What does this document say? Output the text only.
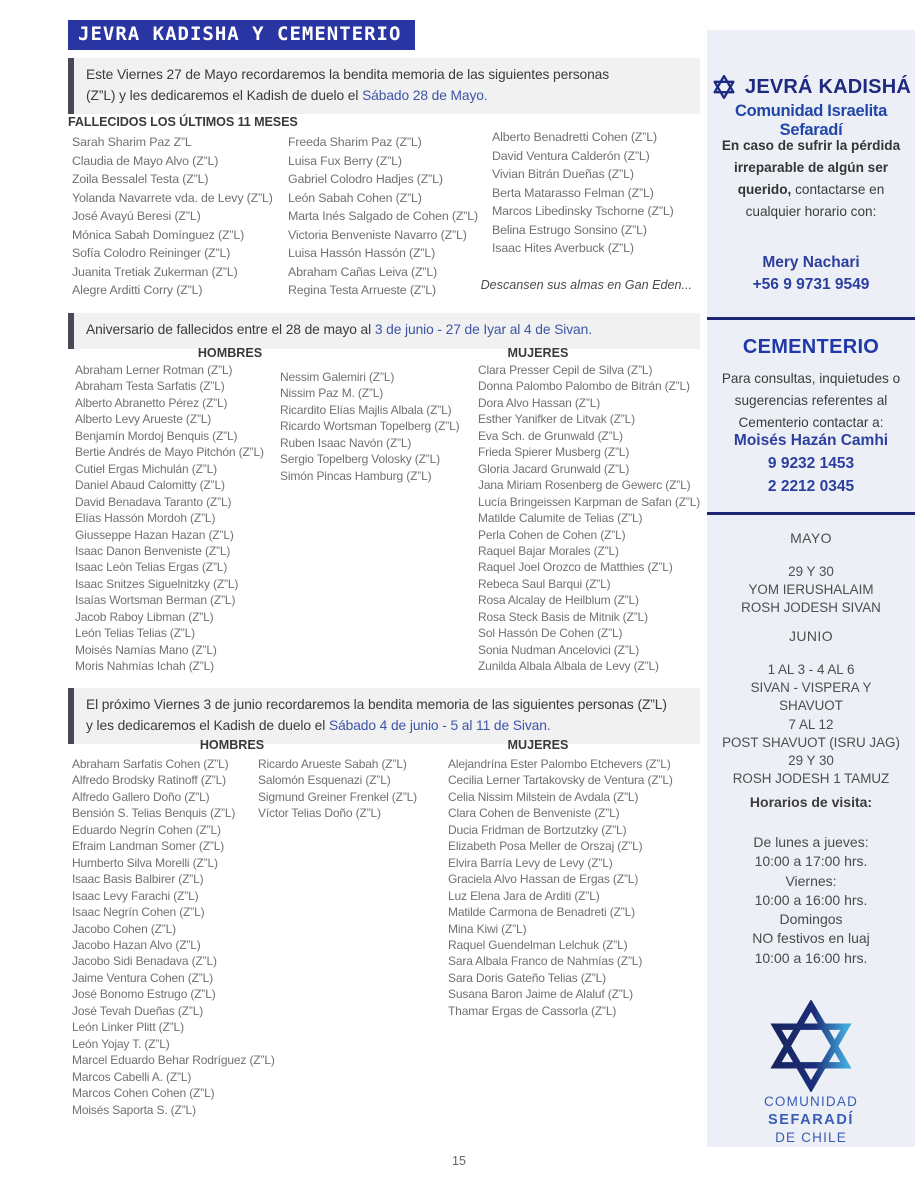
JEVRA KADISHA Y CEMENTERIO
Este Viernes 27 de Mayo recordaremos la bendita memoria de las siguientes personas
(Z”L) y les dedicaremos el Kadish de duelo el Sábado 28 de Mayo.
FALLECIDOS LOS ÚLTIMOS 11 MESES
Sarah Sharim Paz Z”L
Claudia de Mayo Alvo (Z”L)
Zoila Bessalel Testa (Z”L)
Yolanda Navarrete vda. de Levy (Z”L)
José Avayú Beresi (Z”L)
Mónica Sabah Domínguez (Z”L)
Sofía Colodro Reininger (Z”L)
Juanita Tretiak Zukerman (Z”L)
Alegre Arditti Corry (Z”L)
Freeda Sharim Paz (Z”L)
Luisa Fux Berry (Z”L)
Gabriel Colodro Hadjes (Z”L)
León Sabah Cohen (Z”L)
Marta Inés Salgado de Cohen (Z”L)
Victoria Benveniste Navarro (Z”L)
Luisa Hassón Hassón (Z”L)
Abraham Cañas Leiva (Z”L)
Regina Testa Arrueste (Z”L)
Alberto Benadretti Cohen (Z”L)
David Ventura Calderón (Z”L)
Vivian Bitrán Dueñas (Z”L)
Berta Matarasso Felman (Z”L)
Marcos Libedinsky Tschorne (Z”L)
Belina Estrugo Sonsino (Z”L)
Isaac Hites Averbuck (Z”L)
Descansen sus almas en Gan Eden...
Aniversario de fallecidos entre el 28 de mayo al 3 de junio - 27 de Iyar al 4 de Sivan.
HOMBRES	MUJERES
Abraham Lerner Rotman (Z”L)
Abraham Testa Sarfatis (Z”L)
Alberto Abranetto Pérez (Z”L)
Alberto Levy Arueste (Z”L)
Benjamín Mordoj Benquis (Z”L)
Bertie Andrés de Mayo Pitchón (Z”L)
Cutiel Ergas Michulán (Z”L)
Daniel Abaud Calomitty (Z”L)
David Benadava Taranto (Z”L)
Elías Hassón Mordoh (Z”L)
Giusseppe Hazan Hazan (Z”L)
Isaac Danon Benveniste (Z”L)
Isaac Leòn Telias Ergas (Z”L)
Isaac Snitzes Siguelnitzky (Z”L)
Isaías Wortsman Berman (Z”L)
Jacob Raboy Libman (Z”L)
León Telias Telias (Z”L)
Moisés Namías Mano (Z”L)
Moris Nahmías Ichah (Z”L)
Nessim Galemiri (Z”L)
Nissim Paz M. (Z”L)
Ricardito Elías Majlis Albala (Z”L)
Ricardo Wortsman Topelberg (Z”L)
Ruben Isaac Navón (Z”L)
Sergio Topelberg Volosky (Z”L)
Simón Pincas Hamburg (Z”L)
Clara Presser Cepil de Silva (Z”L)
Donna Palombo Palombo de Bitrán (Z”L)
Dora Alvo Hassan (Z”L)
Esther Yanifker de Litvak (Z”L)
Eva Sch. de Grunwald (Z”L)
Frieda Spierer Musberg (Z”L)
Gloria Jacard Grunwald (Z”L)
Jana Miriam Rosenberg de Gewerc (Z”L)
Lucía Bringeissen Karpman de Safan (Z”L)
Matilde Calumite de Telias (Z”L)
Perla Cohen de Cohen (Z”L)
Raquel Bajar Morales (Z”L)
Raquel Joel Orozco de Matthies (Z”L)
Rebeca Saul Barqui (Z”L)
Rosa Alcalay de Heilblum (Z”L)
Rosa Steck Basis de Mitnik (Z”L)
Sol Hassón De Cohen (Z”L)
Sonia Nudman Ancelovici (Z”L)
Zunilda Albala Albala de Levy (Z”L)
El próximo Viernes 3 de junio recordaremos la bendita memoria de las siguientes personas (Z”L)
y les dedicaremos el Kadish de duelo el Sábado 4 de junio - 5 al 11 de Sivan.
HOMBRES	MUJERES
Abraham Sarfatis Cohen (Z”L)
Alfredo Brodsky Ratinoff (Z”L)
Alfredo Gallero Doño (Z”L)
Bensión S. Telias Benquis (Z”L)
Eduardo Negrín Cohen (Z”L)
Efraim Landman Somer (Z”L)
Humberto Silva Morelli (Z”L)
Isaac Basis Balbirer (Z”L)
Isaac Levy Farachi (Z”L)
Isaac Negrín Cohen (Z”L)
Jacobo Cohen (Z”L)
Jacobo Hazan Alvo (Z”L)
Jacobo Sidi Benadava (Z”L)
Jaime Ventura Cohen (Z”L)
José Bonomo Estrugo (Z”L)
José Tevah Dueñas (Z”L)
León Linker Plitt (Z”L)
León Yojay T. (Z”L)
Marcel Eduardo Behar Rodríguez (Z”L)
Marcos Cabelli A. (Z”L)
Marcos Cohen Cohen (Z”L)
Moisés Saporta S. (Z”L)
Ricardo Arueste Sabah (Z”L)
Salomón Esquenazi (Z”L)
Sigmund Greiner Frenkel (Z”L)
Víctor Telias Doño (Z”L)
Alejandrína Ester Palombo Etchevers (Z”L)
Cecilia Lerner Tartakovsky de Ventura (Z”L)
Celia Nissim Milstein de Avdala (Z”L)
Clara Cohen de Benveniste (Z”L)
Ducia Fridman de Bortzutzky (Z”L)
Elizabeth Posa Meller de Orszaj (Z”L)
Elvira Barría Levy de Levy (Z”L)
Graciela Alvo Hassan de Ergas (Z”L)
Luz Elena Jara de Arditi (Z”L)
Matilde Carmona de Benadreti (Z”L)
Mina Kiwi (Z”L)
Raquel Guendelman Lelchuk (Z”L)
Sara Albala Franco de Nahmías (Z”L)
Sara Doris Gateño Telias (Z”L)
Susana Baron Jaime de Alaluf (Z”L)
Thamar Ergas de Cassorla (Z”L)
JEVRÁ KADISHÁ
Comunidad Israelita Sefaradí
En caso de sufrir la pérdida irreparable de algún ser querido, contactarse en cualquier horario con:
Mery Nachari
+56 9 9731 9549
CEMENTERIO
Para consultas, inquietudes o sugerencias referentes al Cementerio contactar a:
Moisés Hazán Camhi
9 9232 1453
2 2212 0345
MAYO
29 Y 30
YOM IERUSHALAIM
ROSH JODESH SIVAN
JUNIO
1 AL 3 - 4 AL 6
SIVAN - VISPERA Y
SHAVUOT
7 AL 12
POST SHAVUOT (ISRU JAG)
29 Y 30
ROSH JODESH 1 TAMUZ
Horarios de visita:
De lunes a jueves:
10:00 a 17:00 hrs.
Viernes:
10:00 a 16:00 hrs.
Domingos
NO festivos en luaj
10:00 a 16:00 hrs.
COMUNIDAD
SEFARADÍ
DE CHILE
15
